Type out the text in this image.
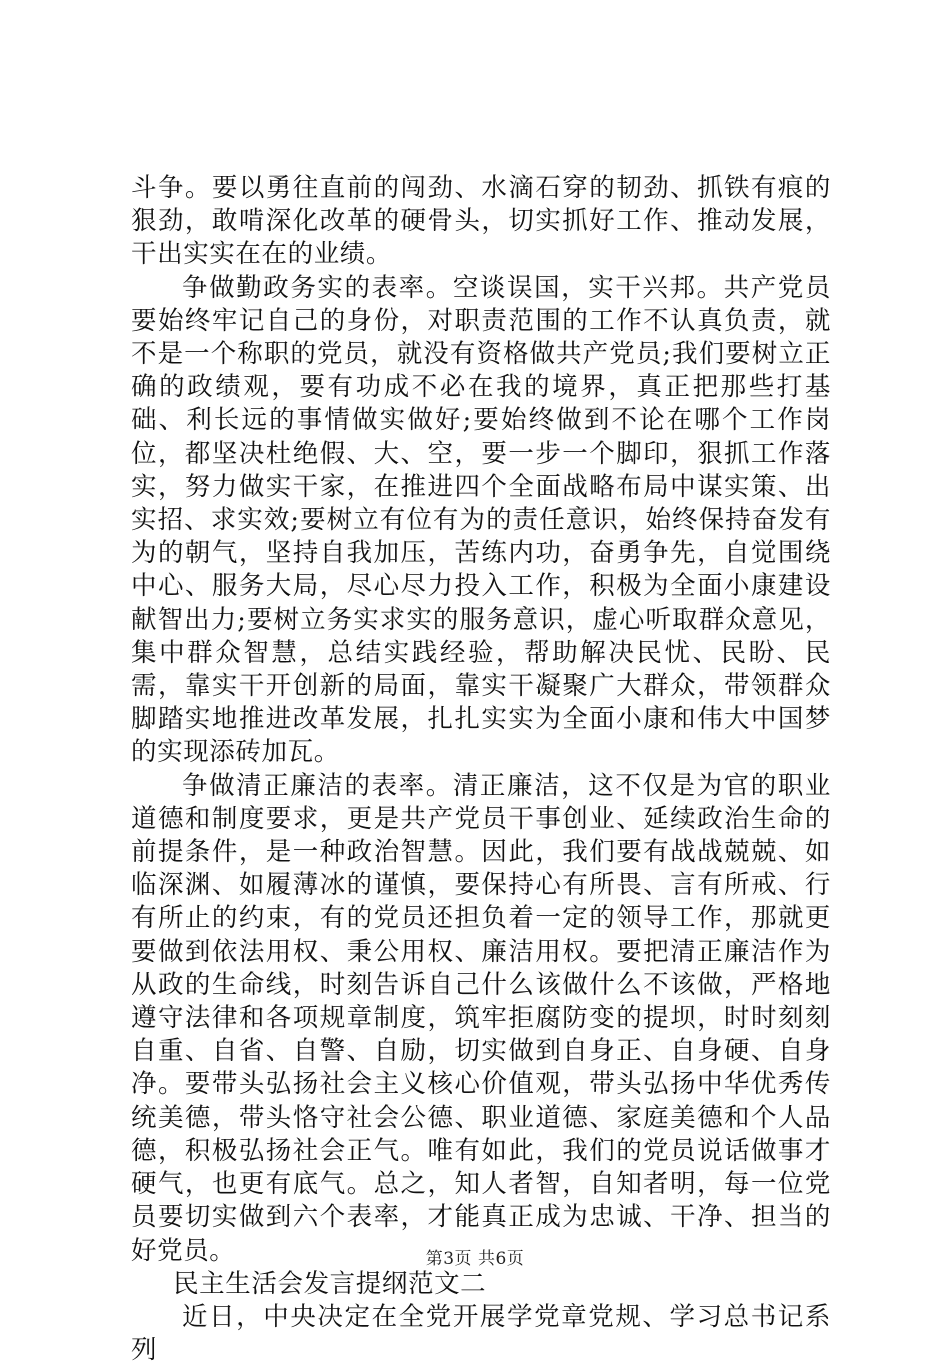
斗争。要以勇往直前的闯劲、水滴石穿的韧劲、抓铁有痕的狠劲，敢啃深化改革的硬骨头，切实抓好工作、推动发展，干出实实在在的业绩。

争做勤政务实的表率。空谈误国，实干兴邦。共产党员要始终牢记自己的身份，对职责范围的工作不认真负责，就不是一个称职的党员，就没有资格做共产党员;我们要树立正确的政绩观，要有功成不必在我的境界，真正把那些打基础、利长远的事情做实做好;要始终做到不论在哪个工作岗位，都坚决杜绝假、大、空，要一步一个脚印，狠抓工作落实，努力做实干家，在推进四个全面战略布局中谋实策、出实招、求实效;要树立有位有为的责任意识，始终保持奋发有为的朝气，坚持自我加压，苦练内功，奋勇争先，自觉围绕中心、服务大局，尽心尽力投入工作，积极为全面小康建设献智出力;要树立务实求实的服务意识，虚心听取群众意见，集中群众智慧，总结实践经验，帮助解决民忧、民盼、民需，靠实干开创新的局面，靠实干凝聚广大群众，带领群众脚踏实地推进改革发展，扎扎实实为全面小康和伟大中国梦的实现添砖加瓦。

争做清正廉洁的表率。清正廉洁，这不仅是为官的职业道德和制度要求，更是共产党员干事创业、延续政治生命的前提条件，是一种政治智慧。因此，我们要有战战兢兢、如临深渊、如履薄冰的谨慎，要保持心有所畏、言有所戒、行有所止的约束，有的党员还担负着一定的领导工作，那就更要做到依法用权、秉公用权、廉洁用权。要把清正廉洁作为从政的生命线，时刻告诉自己什么该做什么不该做，严格地遵守法律和各项规章制度，筑牢拒腐防变的提坝，时时刻刻自重、自省、自警、自励，切实做到自身正、自身硬、自身净。要带头弘扬社会主义核心价值观，带头弘扬中华优秀传统美德，带头恪守社会公德、职业道德、家庭美德和个人品德，积极弘扬社会正气。唯有如此，我们的党员说话做事才硬气，也更有底气。总之，知人者智，自知者明，每一位党员要切实做到六个表率，才能真正成为忠诚、干净、担当的好党员。

民主生活会发言提纲范文二

近日，中央决定在全党开展学党章党规、学习总书记系列

第3页 共6页
